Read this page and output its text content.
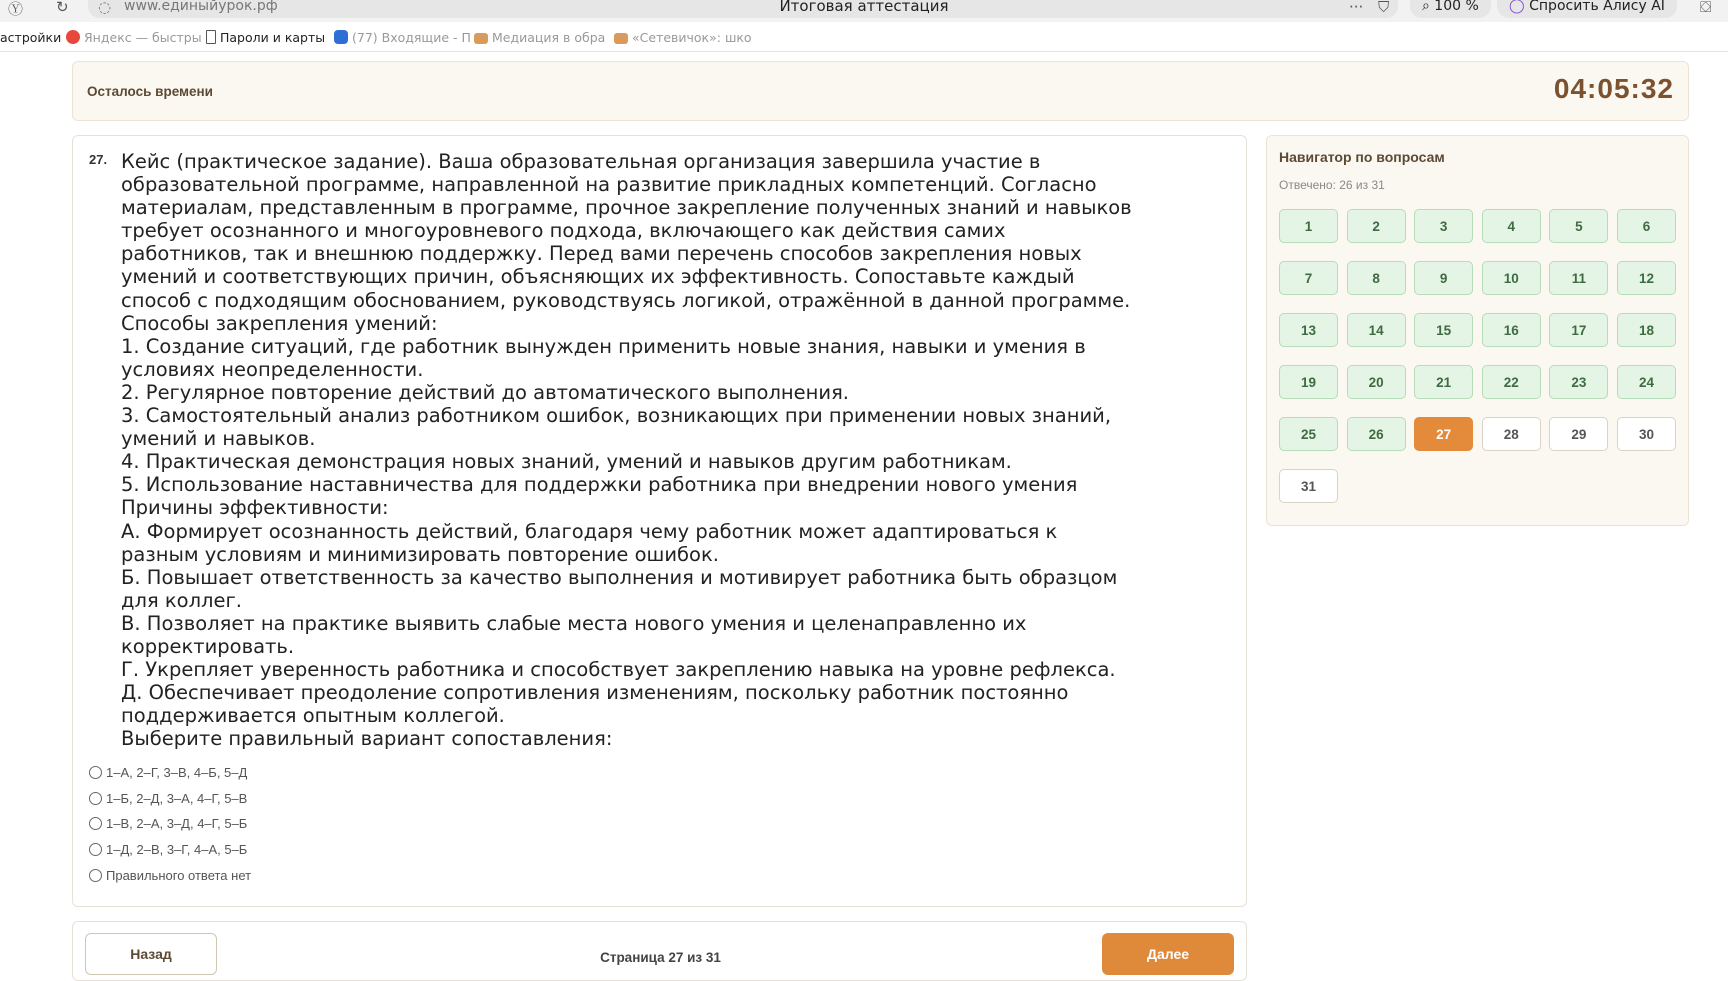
Ⓨ ↻ ◌ www.единыйурок.рф	Итоговая аттестация	··· ⛉	⌕ 100 %	◯ Спросить Алису AI	⛋
астройки	Яндекс — быстры	Пароли и карты	(77) Входящие - П	Медиация в обра	«Сетевичок»: шко
Осталось времени	04:05:32
27. Кейс (практическое задание). Ваша образовательная организация завершила участие в
образовательной программе, направленной на развитие прикладных компетенций. Согласно
материалам, представленным в программе, прочное закрепление полученных знаний и навыков
требует осознанного и многоуровневого подхода, включающего как действия самих
работников, так и внешнюю поддержку. Перед вами перечень способов закрепления новых
умений и соответствующих причин, объясняющих их эффективность. Сопоставьте каждый
способ с подходящим обоснованием, руководствуясь логикой, отражённой в данной программе.
Способы закрепления умений:
1. Создание ситуаций, где работник вынужден применить новые знания, навыки и умения в
условиях неопределенности.
2. Регулярное повторение действий до автоматического выполнения.
3. Самостоятельный анализ работником ошибок, возникающих при применении новых знаний,
умений и навыков.
4. Практическая демонстрация новых знаний, умений и навыков другим работникам.
5. Использование наставничества для поддержки работника при внедрении нового умения
Причины эффективности:
А. Формирует осознанность действий, благодаря чему работник может адаптироваться к
разным условиям и минимизировать повторение ошибок.
Б. Повышает ответственность за качество выполнения и мотивирует работника быть образцом
для коллег.
В. Позволяет на практике выявить слабые места нового умения и целенаправленно их
корректировать.
Г. Укрепляет уверенность работника и способствует закреплению навыка на уровне рефлекса.
Д. Обеспечивает преодоление сопротивления изменениям, поскольку работник постоянно
поддерживается опытным коллегой.
Выберите правильный вариант сопоставления:
1–А, 2–Г, 3–В, 4–Б, 5–Д
1–Б, 2–Д, 3–А, 4–Г, 5–В
1–В, 2–А, 3–Д, 4–Г, 5–Б
1–Д, 2–В, 3–Г, 4–А, 5–Б
Правильного ответа нет
Назад	Страница 27 из 31	Далее
Навигатор по вопросам
Отвечено: 26 из 31
1	2	3	4	5	6
7	8	9	10	11	12
13	14	15	16	17	18
19	20	21	22	23	24
25	26	27	28	29	30
31
